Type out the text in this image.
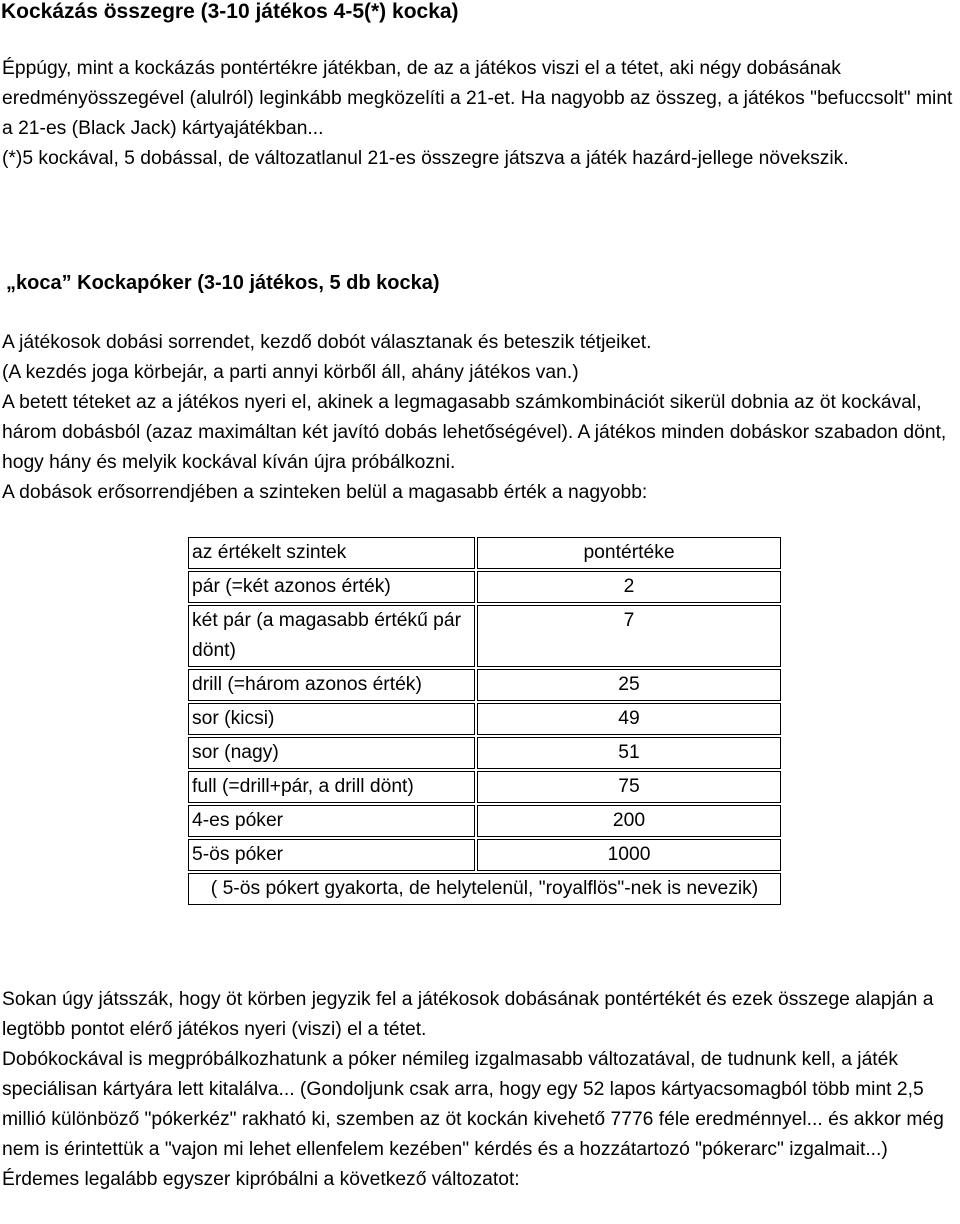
Kockázás összegre (3-10 játékos 4-5(*) kocka)

Éppúgy, mint a kockázás pontértékre játékban, de az a játékos viszi el a tétet, aki négy dobásának eredményösszegével (alulról) leginkább megközelíti a 21-et. Ha nagyobb az összeg, a játékos "befuccsolt" mint a 21-es (Black Jack) kártyajátékban...

(*)5 kockával, 5 dobással, de változatlanul 21-es összegre játszva a játék hazárd-jellege növekszik.

„koca” Kockapóker (3-10 játékos, 5 db kocka)

A játékosok dobási sorrendet, kezdő dobót választanak és beteszik tétjeiket.

(A kezdés joga körbejár, a parti annyi körből áll, ahány játékos van.)

A betett téteket az a játékos nyeri el, akinek a legmagasabb számkombinációt sikerül dobnia az öt kockával, három dobásból (azaz maximáltan két javító dobás lehetőségével). A játékos minden dobáskor szabadon dönt, hogy hány és melyik kockával kíván újra próbálkozni.

A dobások erősorrendjében a szinteken belül a magasabb érték a nagyobb:

az értékelt szintek	pontértéke
pár (=két azonos érték)	2
két pár (a magasabb értékű pár dönt)	7
drill (=három azonos érték)	25
sor (kicsi)	49
sor (nagy)	51
full (=drill+pár, a drill dönt)	75
4-es póker	200
5-ös póker	1000
( 5-ös pókert gyakorta, de helytelenül, "royalflös"-nek is nevezik)	

Sokan úgy játsszák, hogy öt körben jegyzik fel a játékosok dobásának pontértékét és ezek összege alapján a legtöbb pontot elérő játékos nyeri (viszi) el a tétet.

Dobókockával is megpróbálkozhatunk a póker némileg izgalmasabb változatával, de tudnunk kell, a játék speciálisan kártyára lett kitalálva... (Gondoljunk csak arra, hogy egy 52 lapos kártyacsomagból több mint 2,5 millió különböző "pókerkéz" rakható ki, szemben az öt kockán kivehető 7776 féle eredménnyel... és akkor még nem is érintettük a "vajon mi lehet ellenfelem kezében" kérdés és a hozzátartozó "pókerarc" izgalmait...) Érdemes legalább egyszer kipróbálni a következő változatot:
